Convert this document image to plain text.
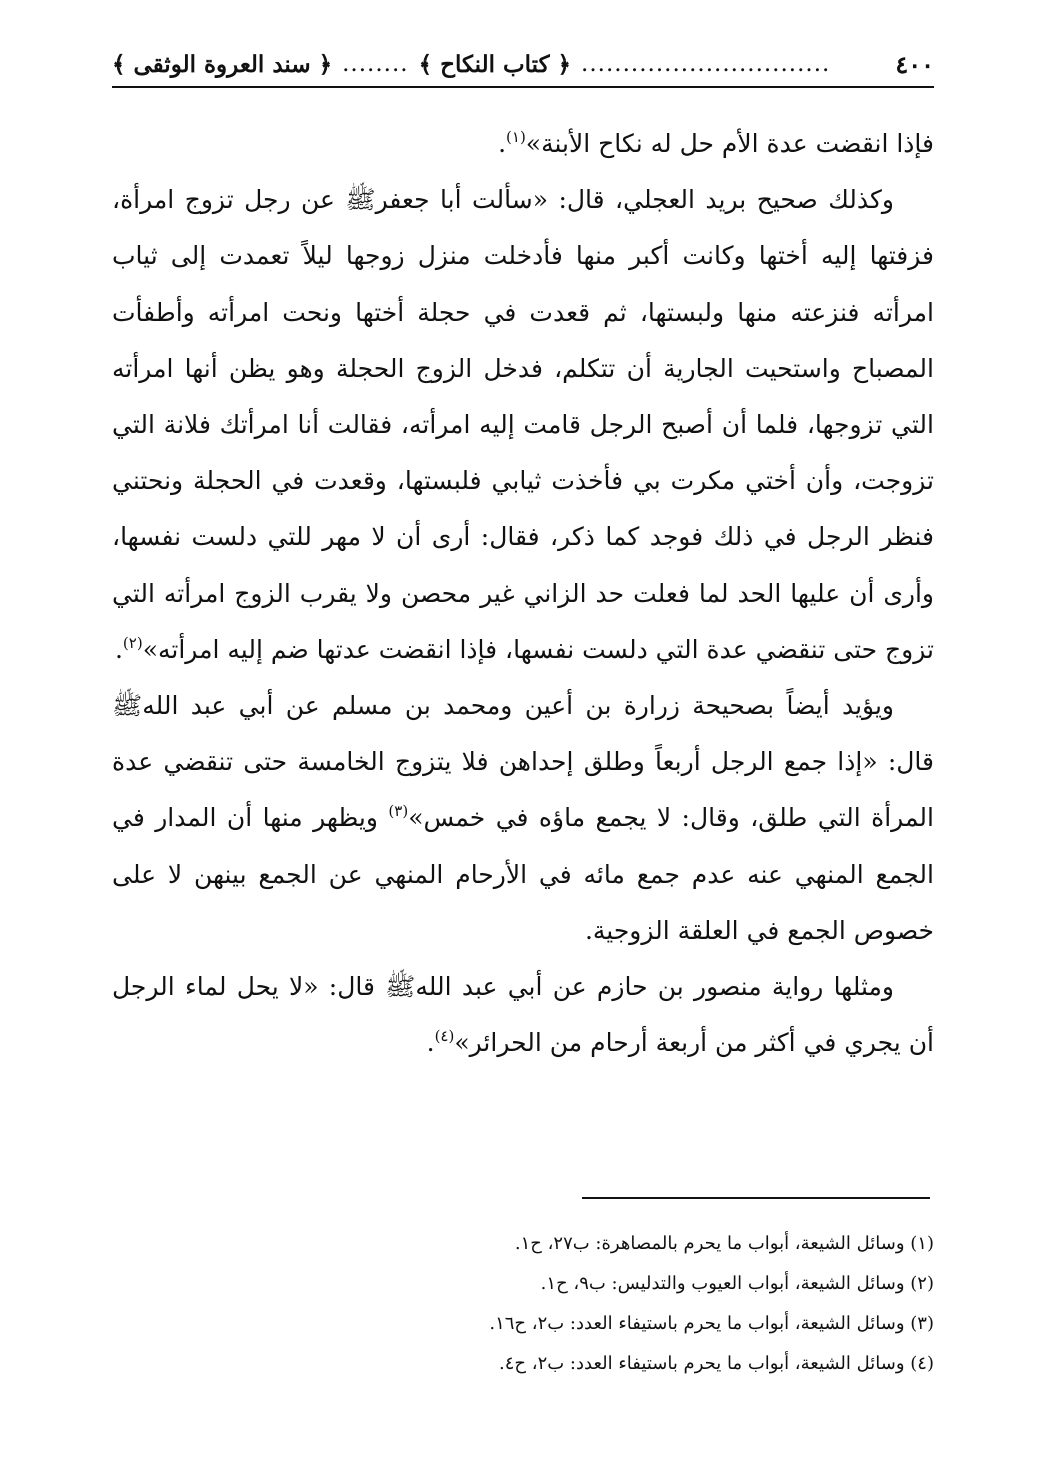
٤٠٠
..............................
﴿ كتاب النكاح ﴾
........
﴿ سند العروة الوثقى ﴾

فإذا انقضت عدة الأم حل له نكاح الأبنة»$^{(١)}$.

وكذلك صحيح بريد العجلي، قال: «سألت أبا جعفرﷺ عن رجل تزوج امرأة، فزفتها إليه أختها وكانت أكبر منها فأدخلت منزل زوجها ليلاً تعمدت إلى ثياب امرأته فنزعته منها ولبستها، ثم قعدت في حجلة أختها ونحت امرأته وأطفأت المصباح واستحيت الجارية أن تتكلم، فدخل الزوج الحجلة وهو يظن أنها امرأته التي تزوجها، فلما أن أصبح الرجل قامت إليه امرأته، فقالت أنا امرأتك فلانة التي تزوجت، وأن أختي مكرت بي فأخذت ثيابي فلبستها، وقعدت في الحجلة ونحتني فنظر الرجل في ذلك فوجد كما ذكر، فقال: أرى أن لا مهر للتي دلست نفسها، وأرى أن عليها الحد لما فعلت حد الزاني غير محصن ولا يقرب الزوج امرأته التي تزوج حتى تنقضي عدة التي دلست نفسها، فإذا انقضت عدتها ضم إليه امرأته»$^{(٢)}$.

ويؤيد أيضاً بصحيحة زرارة بن أعين ومحمد بن مسلم عن أبي عبد اللهﷺ قال: «إذا جمع الرجل أربعاً وطلق إحداهن فلا يتزوج الخامسة حتى تنقضي عدة المرأة التي طلق، وقال: لا يجمع ماؤه في خمس»$^{(٣)}$ ويظهر منها أن المدار في الجمع المنهي عنه عدم جمع مائه في الأرحام المنهي عن الجمع بينهن لا على خصوص الجمع في العلقة الزوجية.

ومثلها رواية منصور بن حازم عن أبي عبد اللهﷺ قال: «لا يحل لماء الرجل أن يجري في أكثر من أربعة أرحام من الحرائر»$^{(٤)}$.

(١) وسائل الشيعة، أبواب ما يحرم بالمصاهرة: ب٢٧، ح١.

(٢) وسائل الشيعة، أبواب العيوب والتدليس: ب٩، ح١.

(٣) وسائل الشيعة، أبواب ما يحرم باستيفاء العدد: ب٢، ح١٦.

(٤) وسائل الشيعة، أبواب ما يحرم باستيفاء العدد: ب٢، ح٤.
